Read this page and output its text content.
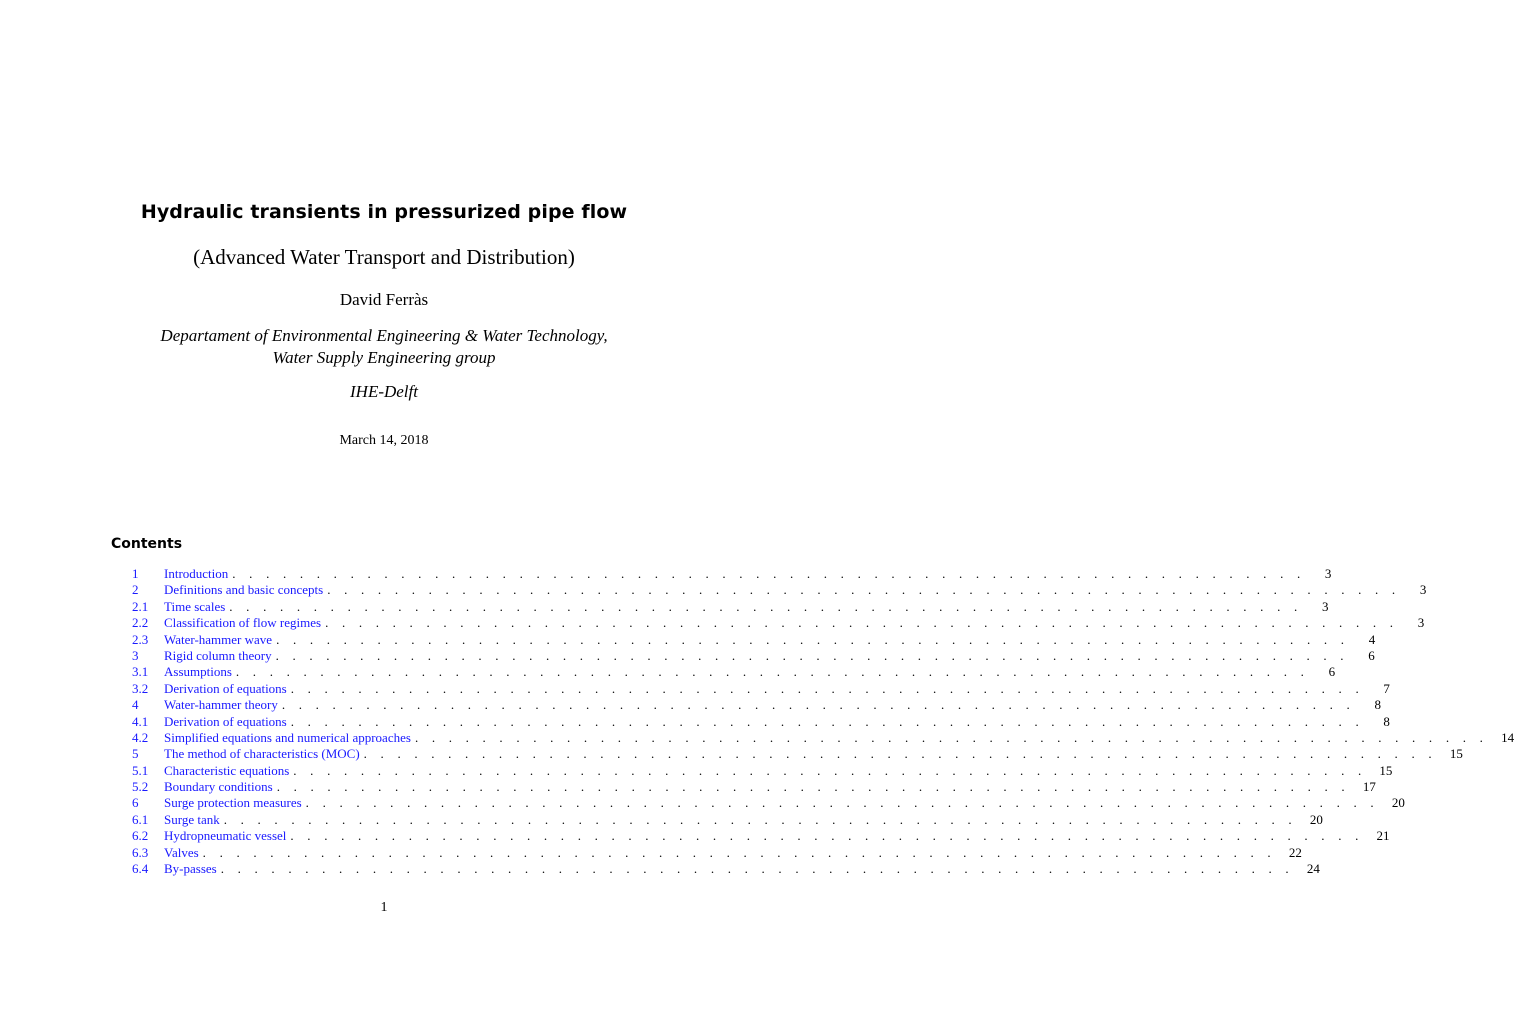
Hydraulic transients in pressurized pipe flow
(Advanced Water Transport and Distribution)
David Ferràs
Departament of Environmental Engineering & Water Technology,
Water Supply Engineering group
IHE-Delft
March 14, 2018
Contents
1	Introduction . . . . . . . . . . . . . . . . . . . . . . . . . . . . . . . . . . . . . . . . . . . . . . . . . . . . . . . . . . . . . . . .	3
2	Definitions and basic concepts . . . . . . . . . . . . . . . . . . . . . . . . . . . . . . . . . . . . . . . . . . . . . . . . . . . . . . . . . . . . . . . .	3
2.1	Time scales . . . . . . . . . . . . . . . . . . . . . . . . . . . . . . . . . . . . . . . . . . . . . . . . . . . . . . . . . . . . . . . .	3
2.2	Classification of flow regimes . . . . . . . . . . . . . . . . . . . . . . . . . . . . . . . . . . . . . . . . . . . . . . . . . . . . . . . . . . . . . . . .	3
2.3	Water-hammer wave . . . . . . . . . . . . . . . . . . . . . . . . . . . . . . . . . . . . . . . . . . . . . . . . . . . . . . . . . . . . . . . .	4
3	Rigid column theory . . . . . . . . . . . . . . . . . . . . . . . . . . . . . . . . . . . . . . . . . . . . . . . . . . . . . . . . . . . . . . . .	6
3.1	Assumptions . . . . . . . . . . . . . . . . . . . . . . . . . . . . . . . . . . . . . . . . . . . . . . . . . . . . . . . . . . . . . . . .	6
3.2	Derivation of equations . . . . . . . . . . . . . . . . . . . . . . . . . . . . . . . . . . . . . . . . . . . . . . . . . . . . . . . . . . . . . . . .	7
4	Water-hammer theory . . . . . . . . . . . . . . . . . . . . . . . . . . . . . . . . . . . . . . . . . . . . . . . . . . . . . . . . . . . . . . . .	8
4.1	Derivation of equations . . . . . . . . . . . . . . . . . . . . . . . . . . . . . . . . . . . . . . . . . . . . . . . . . . . . . . . . . . . . . . . .	8
4.2	Simplified equations and numerical approaches . . . . . . . . . . . . . . . . . . . . . . . . . . . . . . . . . . . . . . . . . . . . . . . . . . . . . . . . . . . . . . . .	14
5	The method of characteristics (MOC) . . . . . . . . . . . . . . . . . . . . . . . . . . . . . . . . . . . . . . . . . . . . . . . . . . . . . . . . . . . . . . . .	15
5.1	Characteristic equations . . . . . . . . . . . . . . . . . . . . . . . . . . . . . . . . . . . . . . . . . . . . . . . . . . . . . . . . . . . . . . . .	15
5.2	Boundary conditions . . . . . . . . . . . . . . . . . . . . . . . . . . . . . . . . . . . . . . . . . . . . . . . . . . . . . . . . . . . . . . . .	17
6	Surge protection measures . . . . . . . . . . . . . . . . . . . . . . . . . . . . . . . . . . . . . . . . . . . . . . . . . . . . . . . . . . . . . . . .	20
6.1	Surge tank . . . . . . . . . . . . . . . . . . . . . . . . . . . . . . . . . . . . . . . . . . . . . . . . . . . . . . . . . . . . . . . .	20
6.2	Hydropneumatic vessel . . . . . . . . . . . . . . . . . . . . . . . . . . . . . . . . . . . . . . . . . . . . . . . . . . . . . . . . . . . . . . . .	21
6.3	Valves . . . . . . . . . . . . . . . . . . . . . . . . . . . . . . . . . . . . . . . . . . . . . . . . . . . . . . . . . . . . . . . .	22
6.4	By-passes . . . . . . . . . . . . . . . . . . . . . . . . . . . . . . . . . . . . . . . . . . . . . . . . . . . . . . . . . . . . . . . .	24
1
